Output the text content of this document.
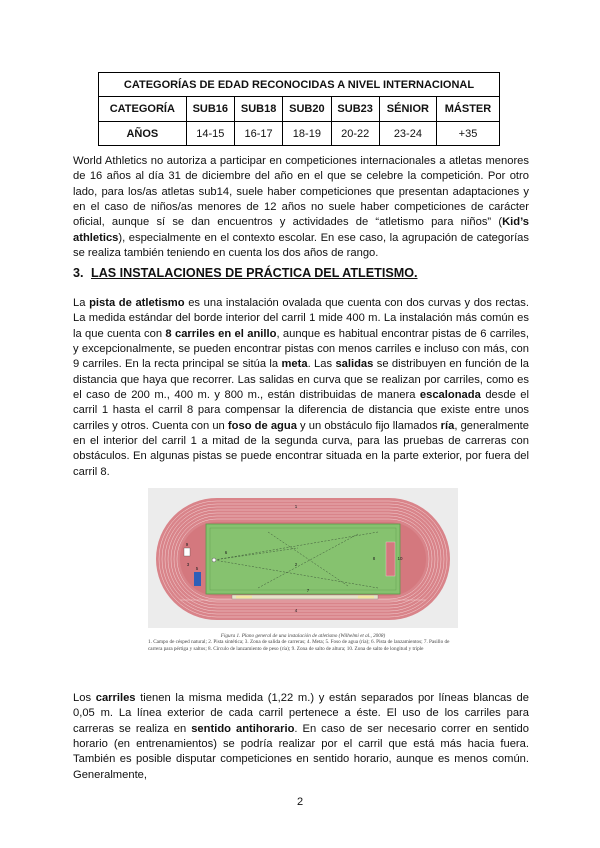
CATEGORÍAS DE EDAD RECONOCIDAS A NIVEL INTERNACIONAL						
CATEGORÍA	SUB16	SUB18	SUB20	SUB23	SÉNIOR	MÁSTER
AÑOS	14-15	16-17	18-19	20-22	23-24	+35

World Athletics no autoriza a participar en competiciones internacionales a atletas menores de 16 años al día 31 de diciembre del año en el que se celebre la competición. Por otro lado, para los/as atletas sub14, suele haber competiciones que presentan adaptaciones y en el caso de niños/as menores de 12 años no suele haber competiciones de carácter oficial, aunque sí se dan encuentros y actividades de “atletismo para niños” (Kid’s athletics), especialmente en el contexto escolar. En ese caso, la agrupación de categorías se realiza también teniendo en cuenta los dos años de rango.

3. LAS INSTALACIONES DE PRÁCTICA DEL ATLETISMO.

La pista de atletismo es una instalación ovalada que cuenta con dos curvas y dos rectas. La medida estándar del borde interior del carril 1 mide 400 m. La instalación más común es la que cuenta con 8 carriles en el anillo, aunque es habitual encontrar pistas de 6 carriles, y excepcionalmente, se pueden encontrar pistas con menos carriles e incluso con más, con 9 carriles. En la recta principal se sitúa la meta. Las salidas se distribuyen en función de la distancia que haya que recorrer. Las salidas en curva que se realizan por carriles, como es el caso de 200 m., 400 m. y 800 m., están distribuidas de manera escalonada desde el carril 1 hasta el carril 8 para compensar la diferencia de distancia que existe entre unos carriles y otros. Cuenta con un foso de agua y un obstáculo fijo llamados ría, generalmente en el interior del carril 1 a mitad de la segunda curva, para las pruebas de carreras con obstáculos. En algunas pistas se puede encontrar situada en la parte exterior, por fuera del carril 8.

1
2
3
4
5
6
7
8
9
10
Figura 1. Plano general de una instalación de atletismo (Wilhelmi et al., 2008)
1. Campo de césped natural; 2. Pista sintética; 3. Zona de salida de carreras; 4. Meta; 5. Foso de agua (ría); 6. Pista de lanzamientos; 7. Pasillo de carrera para pértiga y saltos; 8. Círculo de lanzamiento de peso (ría); 9. Zona de salto de altura; 10. Zona de salto de longitud y triple

Los carriles tienen la misma medida (1,22 m.) y están separados por líneas blancas de 0,05 m. La línea exterior de cada carril pertenece a éste. El uso de los carriles para carreras se realiza en sentido antihorario. En caso de ser necesario correr en sentido horario (en entrenamientos) se podría realizar por el carril que está más hacia fuera. También es posible disputar competiciones en sentido horario, aunque es menos común. Generalmente,

2
